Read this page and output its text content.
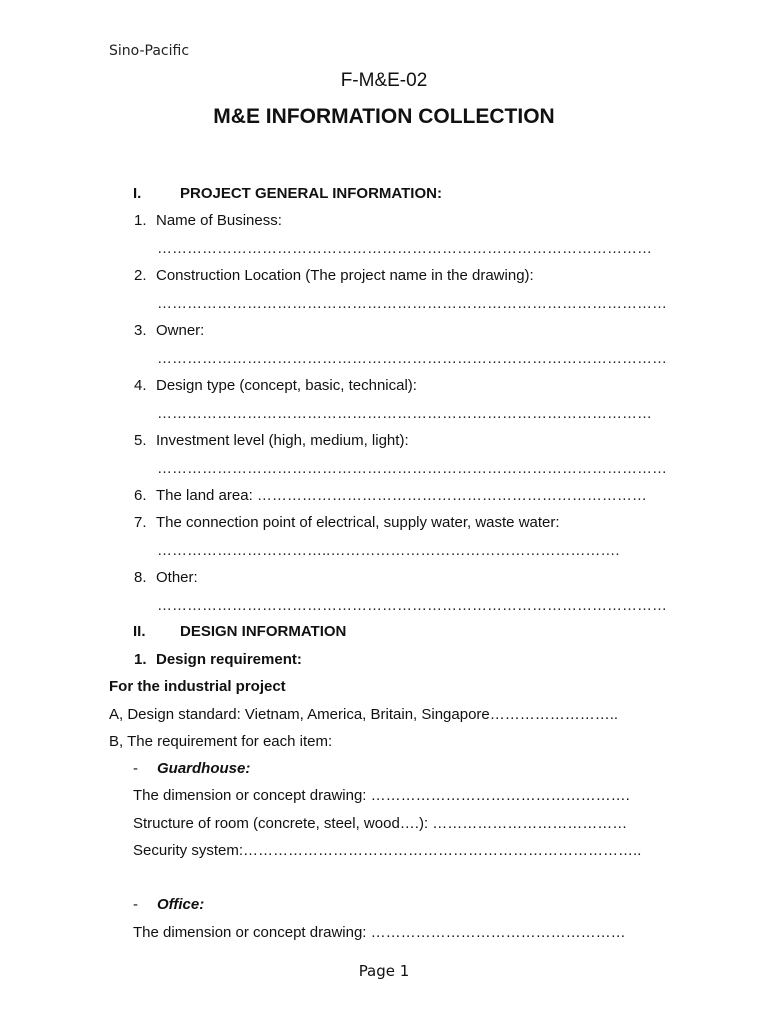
Sino-Pacific
F-M&E-02
M&E INFORMATION COLLECTION
I.	PROJECT GENERAL INFORMATION:
1. Name of Business:
………………………………………………………………………………………
2. Construction Location (The project name in the drawing):
…………………………………………………………………………………………
3. Owner:
…………………………………………………………………………………………
4. Design type (concept, basic, technical):
………………………………………………………………………………………
5. Investment level (high, medium, light):
…………………………………………………………………………………………
6. The land area: ……………………………………………………………………
7. The connection point of electrical, supply water, waste water:
……………………………..………………………………………………….
8. Other:
…………………………………………………………………………………………
II. DESIGN INFORMATION
1. Design requirement:
For the industrial project
A, Design standard: Vietnam, America, Britain, Singapore……………………..
B, The requirement for each item:
- Guardhouse:
The dimension or concept drawing: …………………………………………….
Structure of room (concrete, steel, wood….): …………………………………
Security system:……………………………………………………………………..
- Office:
The dimension or concept drawing: ……………………………………………
Page 1
